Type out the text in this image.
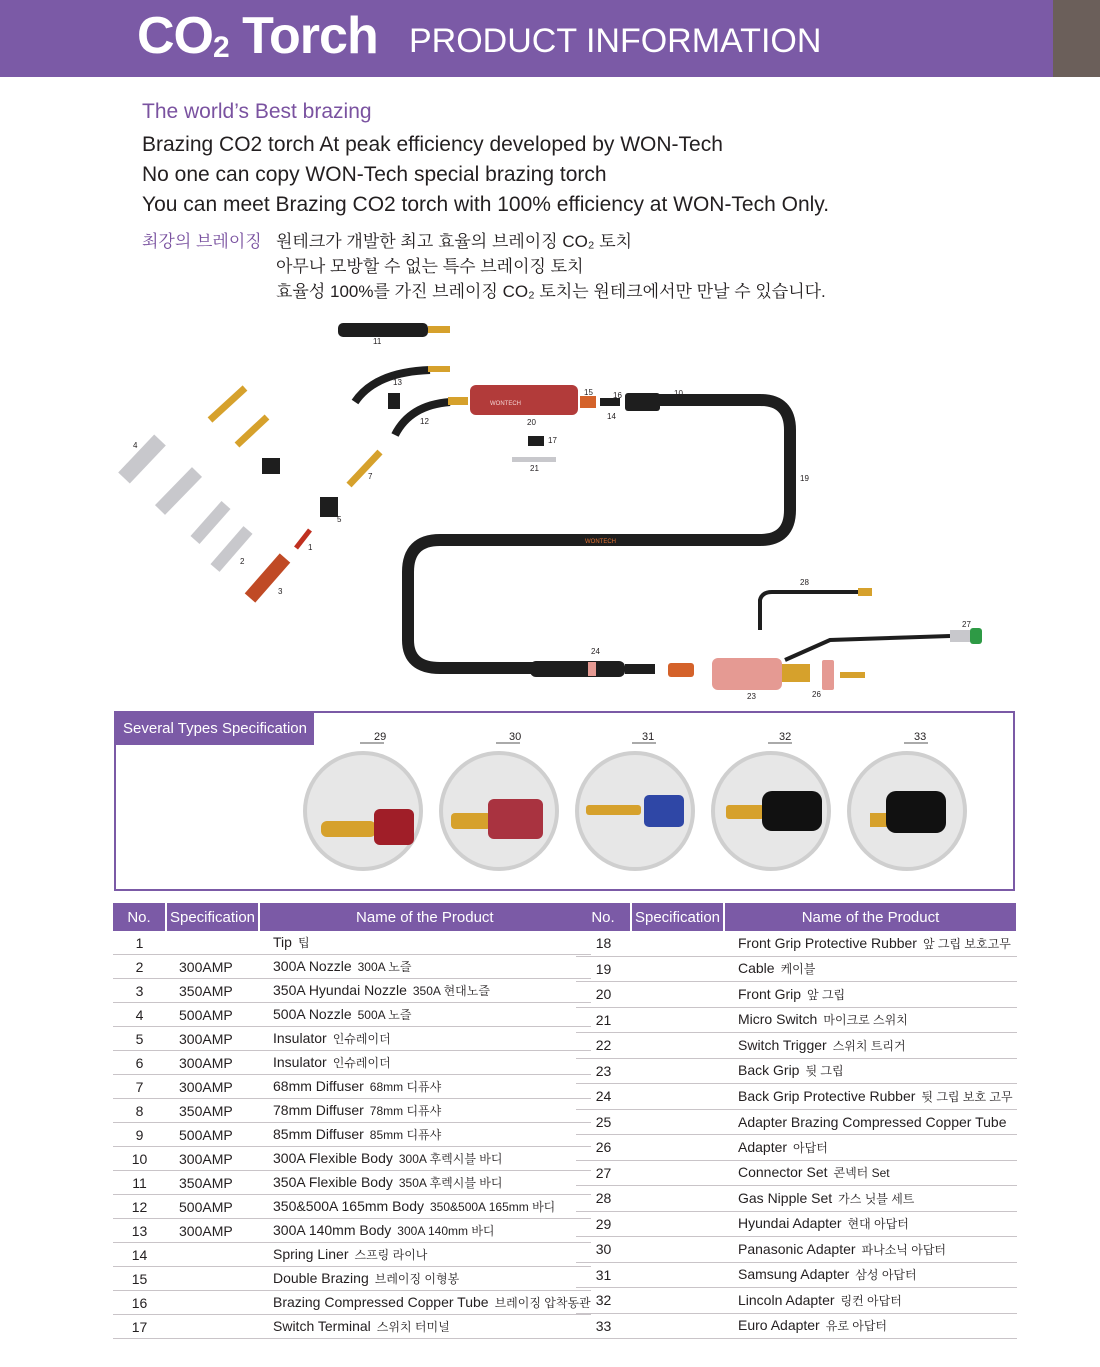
$CO_2$ Torch PRODUCT INFORMATION

The world’s Best brazing

Brazing CO2 torch At peak efficiency developed by WON-Tech

No one can copy WON-Tech special brazing torch

You can meet Brazing CO2 torch with 100% efficiency at WON-Tech Only.

최강의 브레이징 원테크가 개발한 최고 효율의 브레이징 CO₂ 토치
아무나 모방할 수 없는 특수 브레이징 토치
효율성 100%를 가진 브레이징 CO₂ 토치는 원테크에서만 만날 수 있습니다.
WONTECH
WONTECH
1
2
3
4
5
7
10
11
12
13
14
15	16
17
19
20
21
23
24
26
27
28
Several Types Specification	29	30	31	32	33
No.	Specification	Name of the Product
1		Tip 팁
2	300AMP	300A Nozzle 300A 노즐
3	350AMP	350A Hyundai Nozzle 350A 현대노즐
4	500AMP	500A Nozzle 500A 노즐
5	300AMP	Insulator 인슈레이더
6	300AMP	Insulator 인슈레이더
7	300AMP	68mm Diffuser 68mm 디퓨샤
8	350AMP	78mm Diffuser 78mm 디퓨샤
9	500AMP	85mm Diffuser 85mm 디퓨샤
10	300AMP	300A Flexible Body 300A 후렉시블 바디
11	350AMP	350A Flexible Body 350A 후렉시블 바디
12	500AMP	350&500A 165mm Body 350&500A 165mm 바디
13	300AMP	300A 140mm Body 300A 140mm 바디
14		Spring Liner 스프링 라이나
15		Double Brazing 브레이징 이형봉
16		Brazing Compressed Copper Tube 브레이징 압착동관
17		Switch Terminal 스위치 터미널
No.	Specification	Name of the Product
18		Front Grip Protective Rubber 앞 그립 보호고무
19		Cable 케이블
20		Front Grip 앞 그립
21		Micro Switch 마이크로 스위치
22		Switch Trigger 스위치 트리거
23		Back Grip 뒷 그립
24		Back Grip Protective Rubber 뒷 그립 보호 고무
25		Adapter Brazing Compressed Copper Tube
26		Adapter 아답터
27		Connector Set 콘넥터 Set
28		Gas Nipple Set 가스 닛블 세트
29		Hyundai Adapter 현대 아답터
30		Panasonic Adapter 파나소닉 아답터
31		Samsung Adapter 삼성 아답터
32		Lincoln Adapter 링컨 아답터
33		Euro Adapter 유로 아답터
